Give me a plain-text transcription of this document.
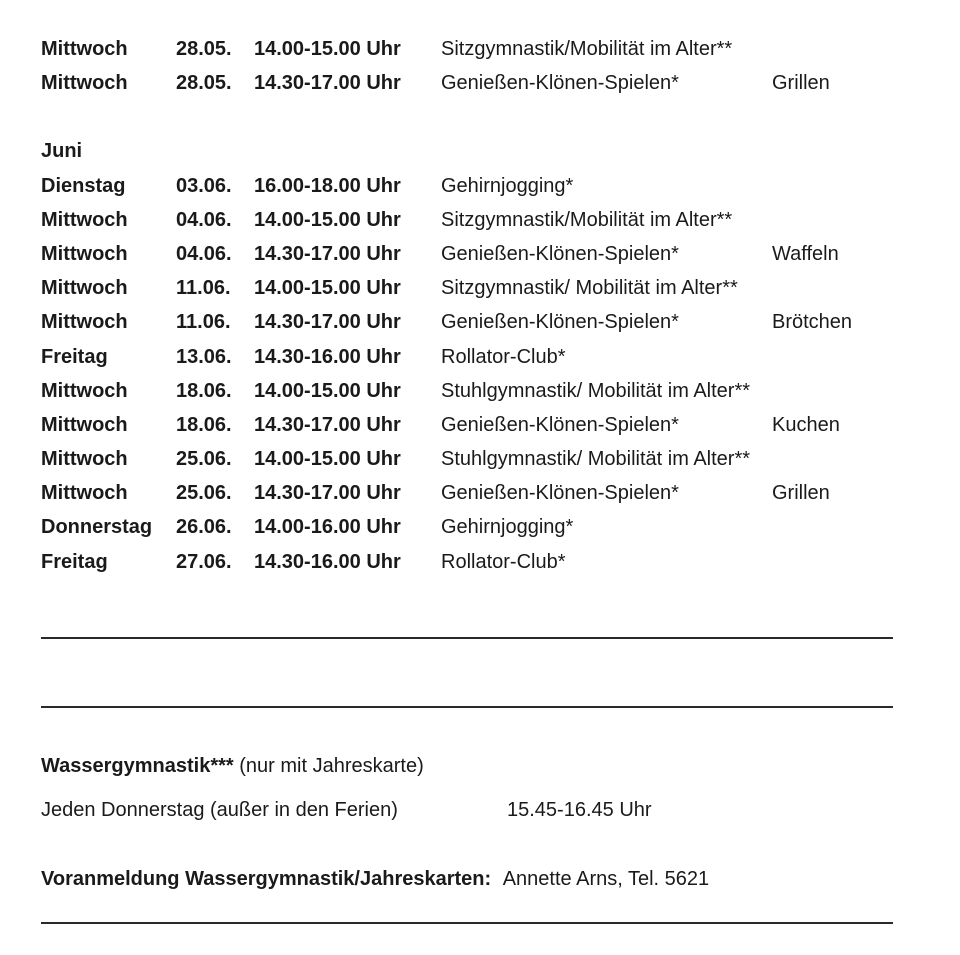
Mittwoch 28.05. 14.00-15.00 Uhr Sitzgymnastik/Mobilität im Alter**
Mittwoch 28.05. 14.30-17.00 Uhr Genießen-Klönen-Spielen*	Grillen
Juni
Dienstag	03.06. 16.00-18.00 Uhr Gehirnjogging*
Mittwoch 04.06. 14.00-15.00 Uhr Sitzgymnastik/Mobilität im Alter**
Mittwoch 04.06. 14.30-17.00 Uhr Genießen-Klönen-Spielen*	Waffeln
Mittwoch 11.06. 14.00-15.00 Uhr Sitzgymnastik/ Mobilität im Alter**
Mittwoch 11.06. 14.30-17.00 Uhr Genießen-Klönen-Spielen*	Brötchen
Freitag	13.06. 14.30-16.00 Uhr Rollator-Club*
Mittwoch 18.06. 14.00-15.00 Uhr Stuhlgymnastik/ Mobilität im Alter**
Mittwoch 18.06. 14.30-17.00 Uhr Genießen-Klönen-Spielen*	Kuchen
Mittwoch 25.06. 14.00-15.00 Uhr Stuhlgymnastik/ Mobilität im Alter**
Mittwoch 25.06. 14.30-17.00 Uhr Genießen-Klönen-Spielen*	Grillen
Donnerstag 26.06. 14.00-16.00 Uhr Gehirnjogging*
Freitag	27.06. 14.30-16.00 Uhr Rollator-Club*
Wassergymnastik*** (nur mit Jahreskarte)
Jeden Donnerstag (außer in den Ferien)	15.45-16.45 Uhr
Voranmeldung Wassergymnastik/Jahreskarten: Annette Arns, Tel. 5621
